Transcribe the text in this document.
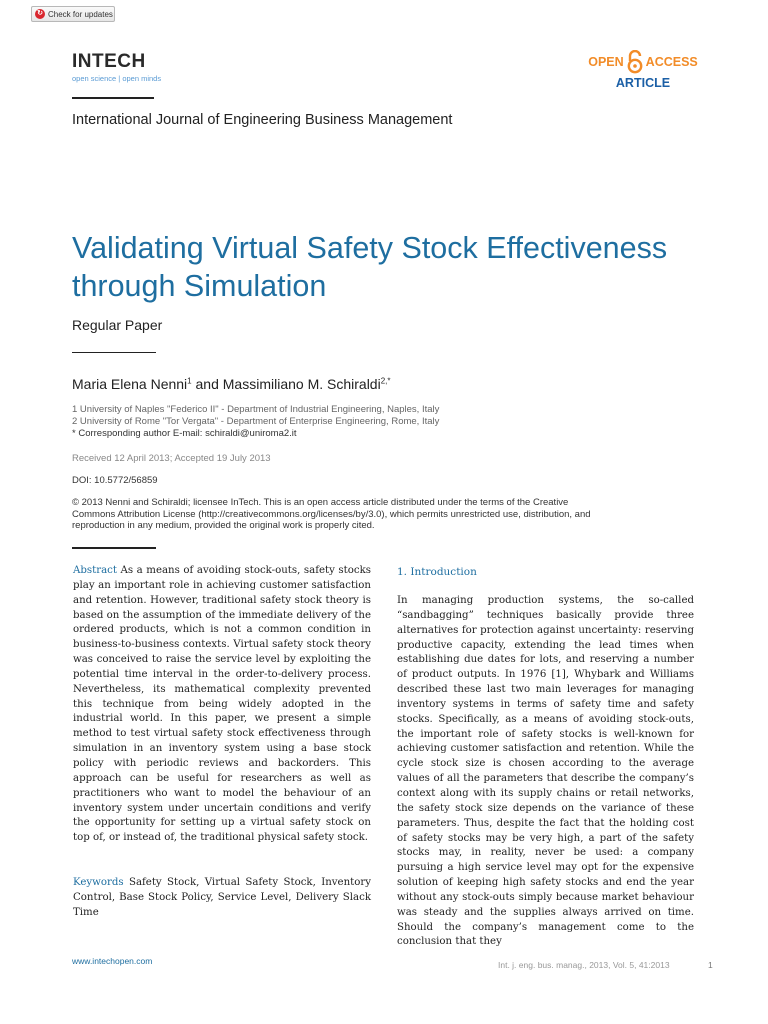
↻ Check for updates
INTECH
open science | open minds
OPEN ACCESS
ARTICLE
International Journal of Engineering Business Management
Validating Virtual Safety Stock Effectiveness through Simulation
Regular Paper
Maria Elena Nenni$^1$ and Massimiliano M. Schiraldi$^{2,*}$
1 University of Naples "Federico II" - Department of Industrial Engineering, Naples, Italy
2 University of Rome "Tor Vergata" - Department of Enterprise Engineering, Rome, Italy
* Corresponding author E-mail: schiraldi@uniroma2.it
Received 12 April 2013; Accepted 19 July 2013
DOI: 10.5772/56859
© 2013 Nenni and Schiraldi; licensee InTech. This is an open access article distributed under the terms of the Creative Commons Attribution License (http://creativecommons.org/licenses/by/3.0), which permits unrestricted use, distribution, and reproduction in any medium, provided the original work is properly cited.
Abstract As a means of avoiding stock-outs, safety stocks play an important role in achieving customer satisfaction and retention. However, traditional safety stock theory is based on the assumption of the immediate delivery of the ordered products, which is not a common condition in business-to-business contexts. Virtual safety stock theory was conceived to raise the service level by exploiting the potential time interval in the order-to-delivery process. Nevertheless, its mathematical complexity prevented this technique from being widely adopted in the industrial world. In this paper, we present a simple method to test virtual safety stock effectiveness through simulation in an inventory system using a base stock policy with periodic reviews and backorders. This approach can be useful for researchers as well as practitioners who want to model the behaviour of an inventory system under uncertain conditions and verify the opportunity for setting up a virtual safety stock on top of, or instead of, the traditional physical safety stock.
Keywords Safety Stock, Virtual Safety Stock, Inventory Control, Base Stock Policy, Service Level, Delivery Slack Time
1. Introduction
In managing production systems, the so-called “sandbagging” techniques basically provide three alternatives for protection against uncertainty: reserving productive capacity, extending the lead times when establishing due dates for lots, and reserving a number of product outputs. In 1976 [1], Whybark and Williams described these last two main leverages for managing inventory systems in terms of safety time and safety stocks. Specifically, as a means of avoiding stock-outs, the important role of safety stocks is well-known for achieving customer satisfaction and retention. While the cycle stock size is chosen according to the average values of all the parameters that describe the company’s context along with its supply chains or retail networks, the safety stock size depends on the variance of these parameters. Thus, despite the fact that the holding cost of safety stocks may be very high, a part of the safety stocks may, in reality, never be used: a company pursuing a high service level may opt for the expensive solution of keeping high safety stocks and end the year without any stock-outs simply because market behaviour was steady and the supplies always arrived on time. Should the company’s management come to the conclusion that they
www.intechopen.com	Int. j. eng. bus. manag., 2013, Vol. 5, 41:2013	1
